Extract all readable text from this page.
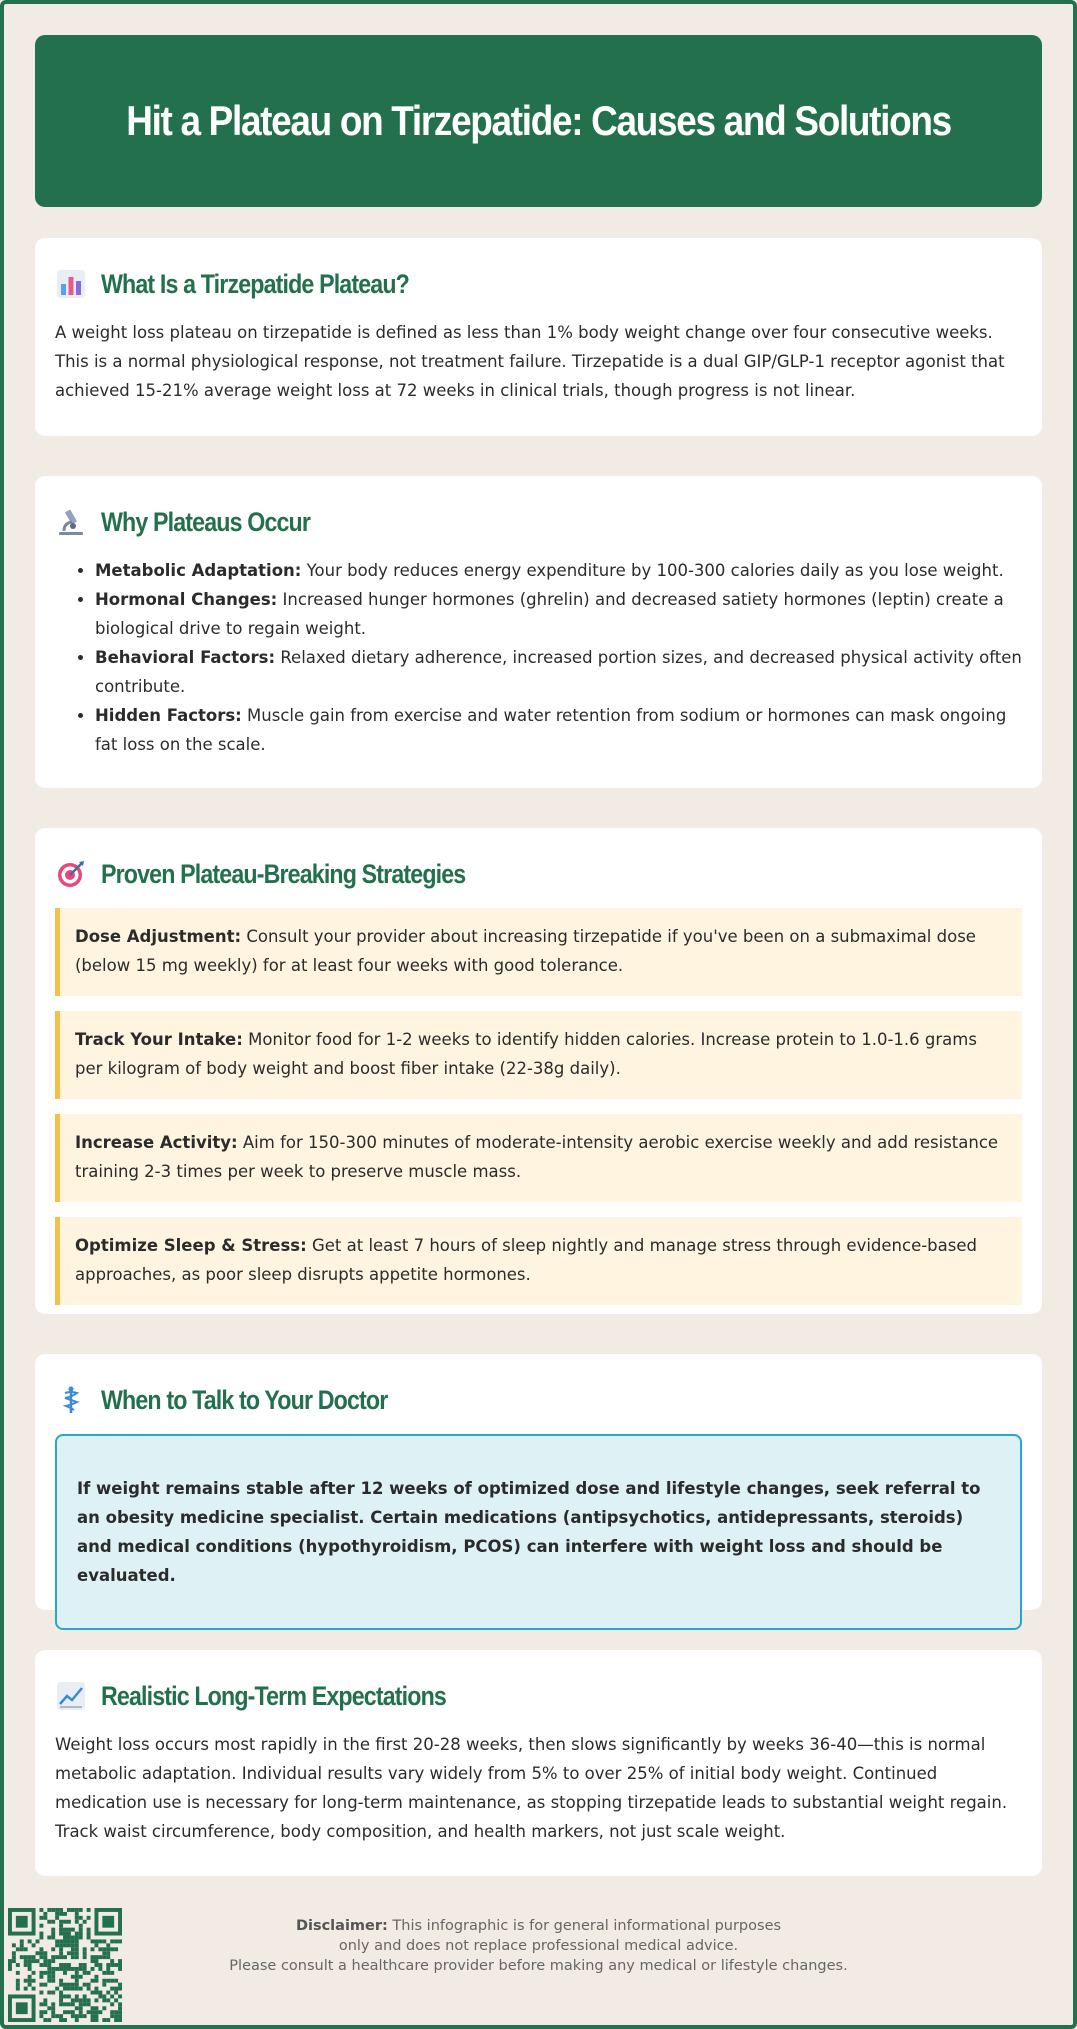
Hit a Plateau on Tirzepatide: Causes and Solutions
What Is a Tirzepatide Plateau?

A weight loss plateau on tirzepatide is defined as less than 1% body weight change over four consecutive weeks. This is a normal physiological response, not treatment failure. Tirzepatide is a dual GIP/GLP-1 receptor agonist that achieved 15-21% average weight loss at 72 weeks in clinical trials, though progress is not linear.

Why Plateaus Occur
• Metabolic Adaptation: Your body reduces energy expenditure by 100-300 calories daily as you lose weight.
• Hormonal Changes: Increased hunger hormones (ghrelin) and decreased satiety hormones (leptin) create a biological drive to regain weight.
• Behavioral Factors: Relaxed dietary adherence, increased portion sizes, and decreased physical activity often contribute.
• Hidden Factors: Muscle gain from exercise and water retention from sodium or hormones can mask ongoing fat loss on the scale.
Proven Plateau-Breaking Strategies
Dose Adjustment: Consult your provider about increasing tirzepatide if you've been on a submaximal dose (below 15 mg weekly) for at least four weeks with good tolerance.
Track Your Intake: Monitor food for 1-2 weeks to identify hidden calories. Increase protein to 1.0-1.6 grams per kilogram of body weight and boost fiber intake (22-38g daily).
Increase Activity: Aim for 150-300 minutes of moderate-intensity aerobic exercise weekly and add resistance training 2-3 times per week to preserve muscle mass.
Optimize Sleep & Stress: Get at least 7 hours of sleep nightly and manage stress through evidence-based approaches, as poor sleep disrupts appetite hormones.
When to Talk to Your Doctor
If weight remains stable after 12 weeks of optimized dose and lifestyle changes, seek referral to an obesity medicine specialist. Certain medications (antipsychotics, antidepressants, steroids) and medical conditions (hypothyroidism, PCOS) can interfere with weight loss and should be evaluated.
Realistic Long-Term Expectations

Weight loss occurs most rapidly in the first 20-28 weeks, then slows significantly by weeks 36-40—this is normal metabolic adaptation. Individual results vary widely from 5% to over 25% of initial body weight. Continued medication use is necessary for long-term maintenance, as stopping tirzepatide leads to substantial weight regain. Track waist circumference, body composition, and health markers, not just scale weight.

Disclaimer: This infographic is for general informational purposes
only and does not replace professional medical advice.
Please consult a healthcare provider before making any medical or lifestyle changes.
